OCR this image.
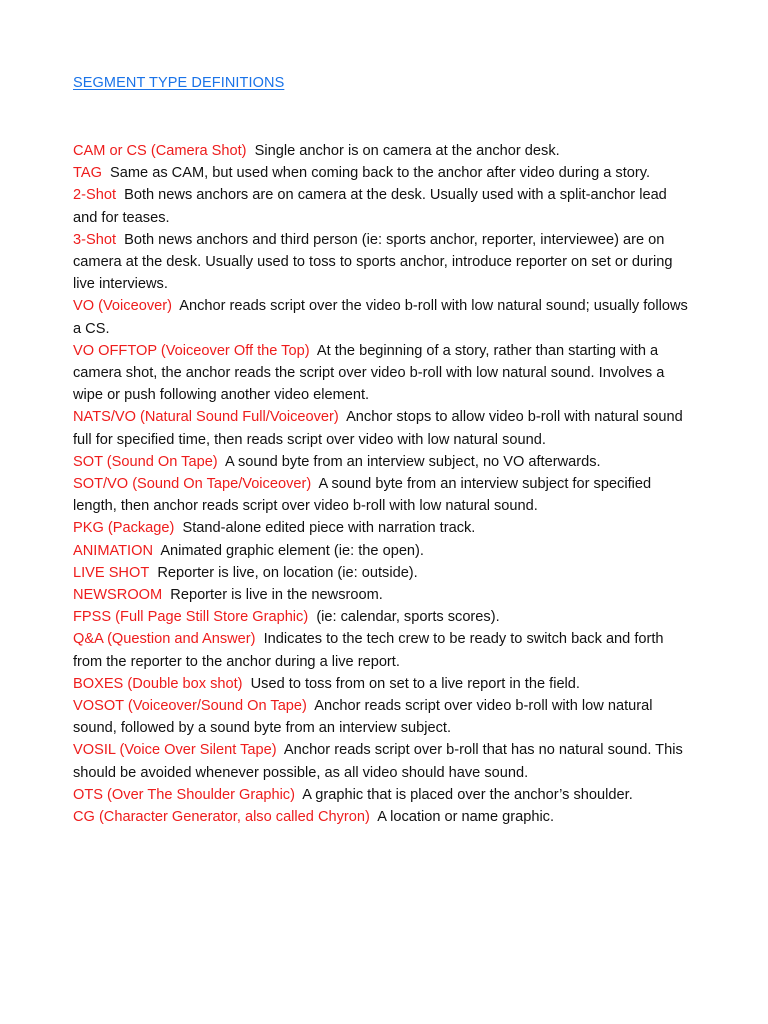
SEGMENT TYPE DEFINITIONS

CAM or CS (Camera Shot) Single anchor is on camera at the anchor desk.

TAG Same as CAM, but used when coming back to the anchor after video during a story.

2-Shot Both news anchors are on camera at the desk. Usually used with a split-anchor lead and for teases.

3-Shot Both news anchors and third person (ie: sports anchor, reporter, interviewee) are on camera at the desk. Usually used to toss to sports anchor, introduce reporter on set or during live interviews.

VO (Voiceover) Anchor reads script over the video b-roll with low natural sound; usually follows a CS.

VO OFFTOP (Voiceover Off the Top) At the beginning of a story, rather than starting with a camera shot, the anchor reads the script over video b-roll with low natural sound. Involves a wipe or push following another video element.

NATS/VO (Natural Sound Full/Voiceover) Anchor stops to allow video b-roll with natural sound full for specified time, then reads script over video with low natural sound.

SOT (Sound On Tape) A sound byte from an interview subject, no VO afterwards.

SOT/VO (Sound On Tape/Voiceover) A sound byte from an interview subject for specified length, then anchor reads script over video b-roll with low natural sound.

PKG (Package) Stand-alone edited piece with narration track.

ANIMATION Animated graphic element (ie: the open).

LIVE SHOT Reporter is live, on location (ie: outside).

NEWSROOM Reporter is live in the newsroom.

FPSS (Full Page Still Store Graphic) (ie: calendar, sports scores).

Q&A (Question and Answer) Indicates to the tech crew to be ready to switch back and forth from the reporter to the anchor during a live report.

BOXES (Double box shot) Used to toss from on set to a live report in the field.

VOSOT (Voiceover/Sound On Tape) Anchor reads script over video b-roll with low natural sound, followed by a sound byte from an interview subject.

VOSIL (Voice Over Silent Tape) Anchor reads script over b-roll that has no natural sound. This should be avoided whenever possible, as all video should have sound.

OTS (Over The Shoulder Graphic) A graphic that is placed over the anchor’s shoulder.

CG (Character Generator, also called Chyron) A location or name graphic.
